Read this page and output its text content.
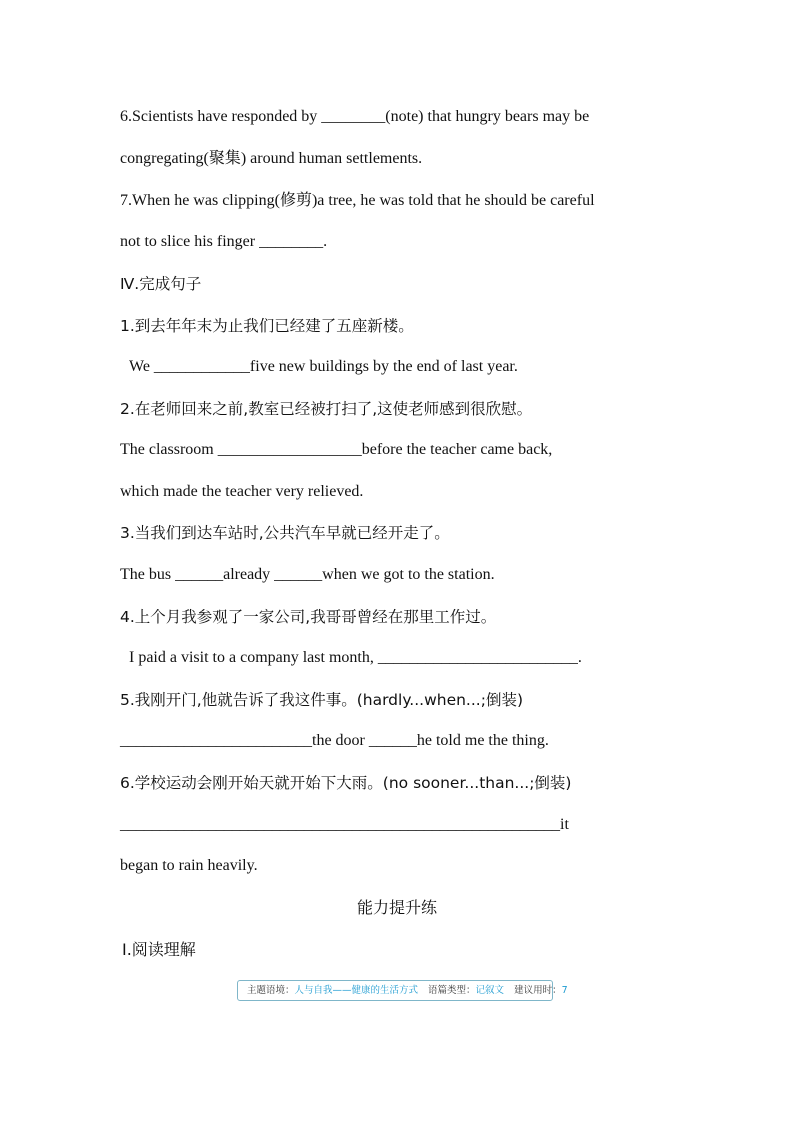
6.Scientists have responded by ________(note) that hungry bears may be
congregating(聚集) around human settlements.
7.When he was clipping(修剪)a tree, he was told that he should be careful
not to slice his finger ________.
Ⅳ.完成句子
1.到去年年末为止我们已经建了五座新楼。
We ____________five new buildings by the end of last year.
2.在老师回来之前,教室已经被打扫了,这使老师感到很欣慰。
The classroom __________________before the teacher came back,
which made the teacher very relieved.
3.当我们到达车站时,公共汽车早就已经开走了。
The bus ______already ______when we got to the station.
4.上个月我参观了一家公司,我哥哥曾经在那里工作过。
I paid a visit to a company last month, _________________________.
5.我刚开门,他就告诉了我这件事。(hardly...when...;倒装)
________________________the door ______he told me the thing.
6.学校运动会刚开始天就开始下大雨。(no sooner...than...;倒装)
_______________________________________________________it
began to rain heavily.
能力提升练
Ⅰ.阅读理解
主题语境：人与自我——健康的生活方式 语篇类型：记叙文 建议用时：7
